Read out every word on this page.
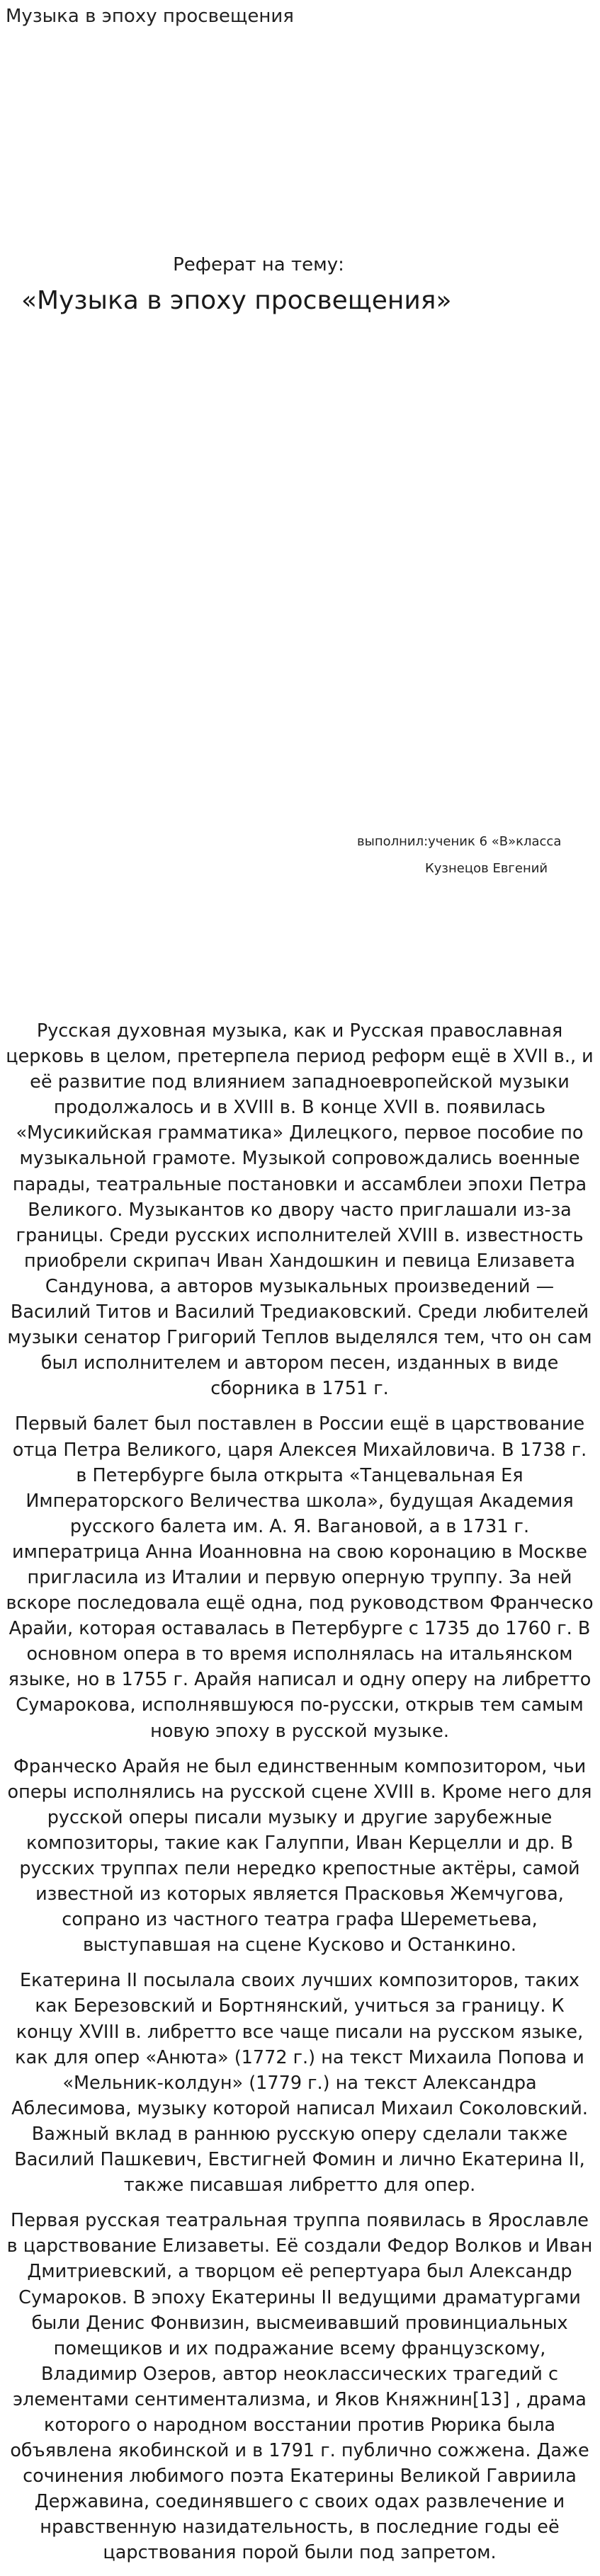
Музыка в эпоху просвещения
Реферат на тему:
«Музыка в эпоху просвещения»
выполнил:ученик 6 «В»класса
Кузнецов Евгений

Русская духовная музыка, как и Русская православная церковь в целом, претерпела период реформ ещё в XVII в., и её развитие под влиянием западноевропейской музыки продолжалось и в XVIII в. В конце XVII в. появилась «Мусикийская грамматика» Дилецкого, первое пособие по музыкальной грамоте. Музыкой сопровождались военные парады, театральные постановки и ассамблеи эпохи Петра Великого. Музыкантов ко двору часто приглашали из-за границы. Среди русских исполнителей XVIII в. известность приобрели скрипач Иван Хандошкин и певица Елизавета Сандунова, а авторов музыкальных произведений — Василий Титов и Василий Тредиаковский. Среди любителей музыки сенатор Григорий Теплов выделялся тем, что он сам был исполнителем и автором песен, изданных в виде сборника в 1751 г.

Первый балет был поставлен в России ещё в царствование отца Петра Великого, царя Алексея Михайловича. В 1738 г. в Петербурге была открыта «Танцевальная Ея Императорского Величества школа», будущая Академия русского балета им. А. Я. Вагановой, а в 1731 г. императрица Анна Иоанновна на свою коронацию в Москве пригласила из Италии и первую оперную труппу. За ней вскоре последовала ещё одна, под руководством Франческо Арайи, которая оставалась в Петербурге с 1735 до 1760 г. В основном опера в то время исполнялась на итальянском языке, но в 1755 г. Арайя написал и одну оперу на либретто Сумарокова, исполнявшуюся по-русски, открыв тем самым новую эпоху в русской музыке.

Франческо Арайя не был единственным композитором, чьи оперы исполнялись на русской сцене XVIII в. Кроме него для русской оперы писали музыку и другие зарубежные композиторы, такие как Галуппи, Иван Керцелли и др. В русских труппах пели нередко крепостные актёры, самой известной из которых является Прасковья Жемчугова, сопрано из частного театра графа Шереметьева, выступавшая на сцене Кусково и Останкино.

Екатерина II посылала своих лучших композиторов, таких как Березовский и Бортнянский, учиться за границу. К концу XVIII в. либретто все чаще писали на русском языке, как для опер «Анюта» (1772 г.) на текст Михаила Попова и «Мельник-колдун» (1779 г.) на текст Александра Аблесимова, музыку которой написал Михаил Соколовский. Важный вклад в раннюю русскую оперу сделали также Василий Пашкевич, Евстигней Фомин и лично Екатерина II, также писавшая либретто для опер.

Первая русская театральная труппа появилась в Ярославле в царствование Елизаветы. Её создали Федор Волков и Иван Дмитриевский, а творцом её репертуара был Александр Сумароков. В эпоху Екатерины II ведущими драматургами были Денис Фонвизин, высмеивавший провинциальных помещиков и их подражание всему французскому, Владимир Озеров, автор неоклассических трагедий с элементами сентиментализма, и Яков Княжнин[13] , драма которого о народном восстании против Рюрика была объявлена якобинской и в 1791 г. публично сожжена. Даже сочинения любимого поэта Екатерины Великой Гавриила Державина, соединявшего с своих одах развлечение и нравственную назидательность, в последние годы её царствования порой были под запретом.
